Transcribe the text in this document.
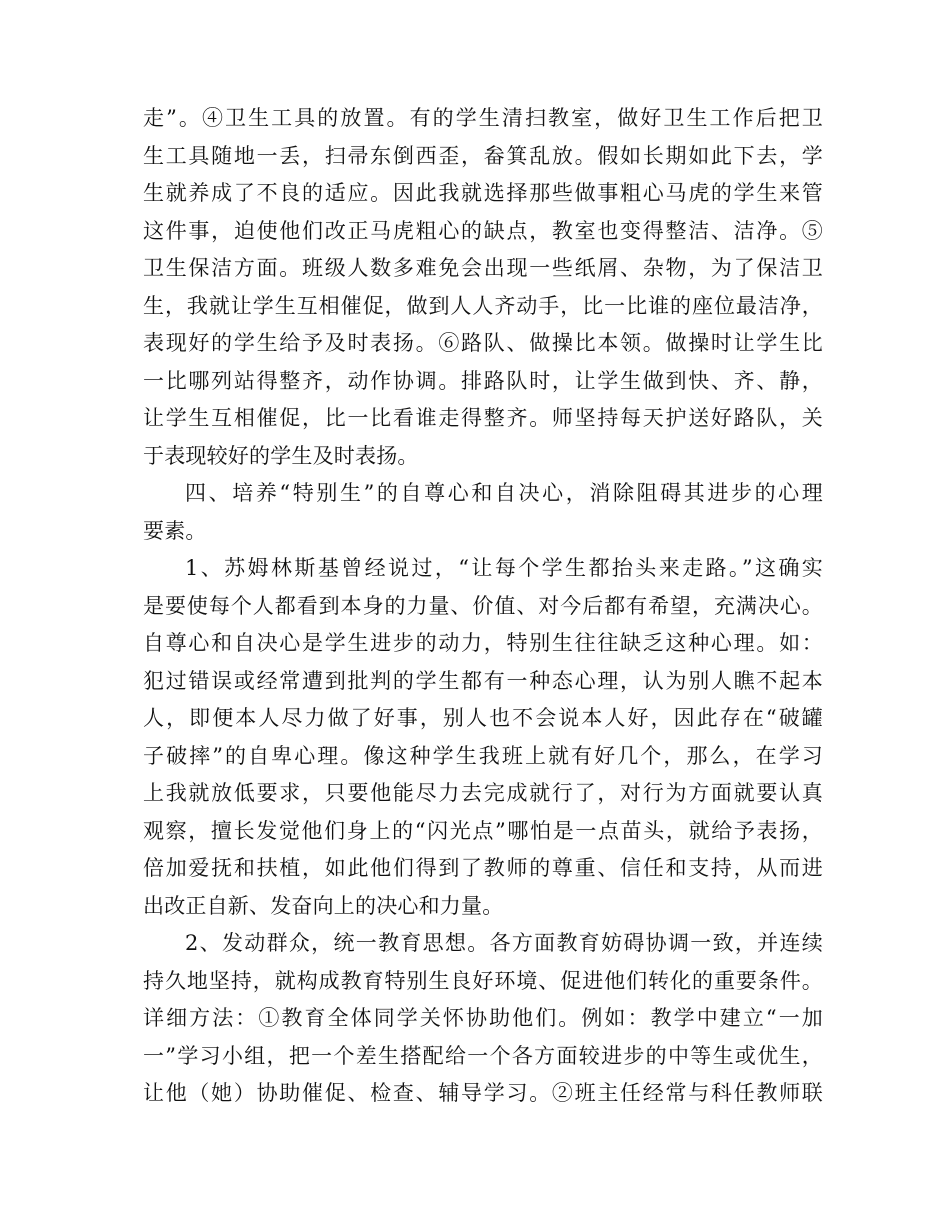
走”。④卫生工具的放置。有的学生清扫教室，做好卫生工作后把卫
生工具随地一丢，扫帚东倒西歪，畚箕乱放。假如长期如此下去，学
生就养成了不良的适应。因此我就选择那些做事粗心马虎的学生来管
这件事，迫使他们改正马虎粗心的缺点，教室也变得整洁、洁净。⑤
卫生保洁方面。班级人数多难免会出现一些纸屑、杂物，为了保洁卫
生，我就让学生互相催促，做到人人齐动手，比一比谁的座位最洁净，
表现好的学生给予及时表扬。⑥路队、做操比本领。做操时让学生比
一比哪列站得整齐，动作协调。排路队时，让学生做到快、齐、静，
让学生互相催促，比一比看谁走得整齐。师坚持每天护送好路队，关
于表现较好的学生及时表扬。
四、培养“特别生”的自尊心和自决心，消除阻碍其进步的心理
要素。
1、苏姆林斯基曾经说过，“让每个学生都抬头来走路。”这确实
是要使每个人都看到本身的力量、价值、对今后都有希望，充满决心。
自尊心和自决心是学生进步的动力，特别生往往缺乏这种心理。如：
犯过错误或经常遭到批判的学生都有一种态心理，认为别人瞧不起本
人，即便本人尽力做了好事，别人也不会说本人好，因此存在“破罐
子破摔”的自卑心理。像这种学生我班上就有好几个，那么，在学习
上我就放低要求，只要他能尽力去完成就行了，对行为方面就要认真
观察，擅长发觉他们身上的“闪光点”哪怕是一点苗头，就给予表扬，
倍加爱抚和扶植，如此他们得到了教师的尊重、信任和支持，从而进
出改正自新、发奋向上的决心和力量。
2、发动群众，统一教育思想。各方面教育妨碍协调一致，并连续
持久地坚持，就构成教育特别生良好环境、促进他们转化的重要条件。
详细方法：①教育全体同学关怀协助他们。例如：教学中建立“一加
一”学习小组，把一个差生搭配给一个各方面较进步的中等生或优生，
让他（她）协助催促、检查、辅导学习。②班主任经常与科任教师联
